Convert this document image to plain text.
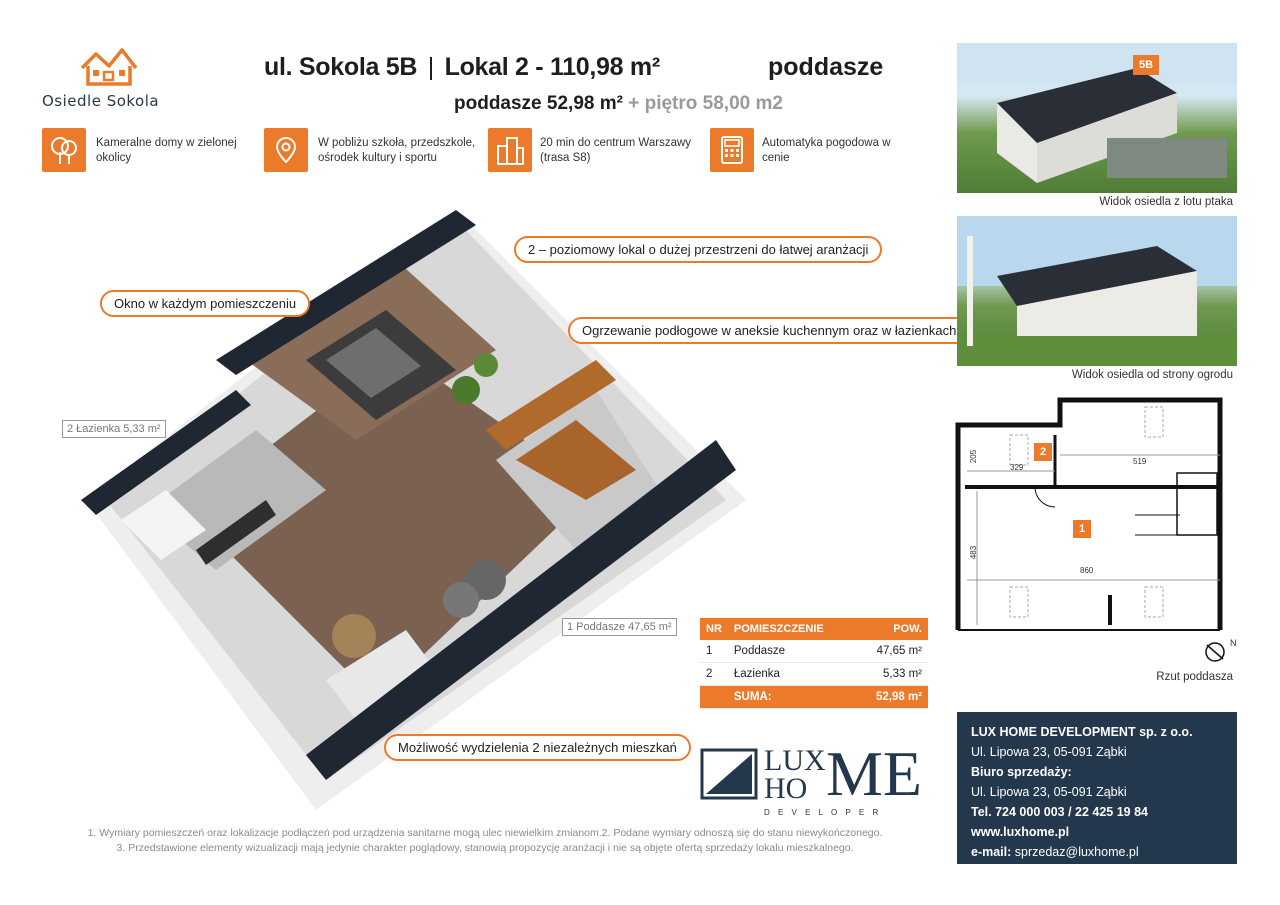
Osiedle Sokola
ul. Sokola 5B | Lokal 2 - 110,98 m²	poddasze
poddasze 52,98 m² + piętro 58,00 m2
Kameralne domy w zielonej okolicy
W pobliżu szkoła, przedszkole, ośrodek kultury i sportu
20 min do centrum Warszawy (trasa S8)
Automatyka pogodowa w cenie
2 – poziomowy lokal o dużej przestrzeni do łatwej aranżacji
Okno w każdym pomieszczeniu
Ogrzewanie podłogowe w aneksie kuchennym oraz w łazienkach
Możliwość wydzielenia 2 niezależnych mieszkań
2 Łazienka 5,33 m²
1 Poddasze 47,65 m²
5B
Widok osiedla z lotu ptaka
Widok osiedla od strony ogrodu
2
1
205
329
519
483
860
N
Rzut poddasza
NR	POMIESZCZENIE	POW.
1	Poddasze	47,65 m²
2	Łazienka	5,33 m²
	SUMA:	52,98 m²
LUX
HO ME
D E V E L O P E R
LUX HOME DEVELOPMENT sp. z o.o.
Ul. Lipowa 23, 05-091 Ząbki
Biuro sprzedaży:
Ul. Lipowa 23, 05-091 Ząbki
Tel. 724 000 003 / 22 425 19 84
www.luxhome.pl
e-mail: sprzedaz@luxhome.pl
1. Wymiary pomieszczeń oraz lokalizacje podłączeń pod urządzenia sanitarne mogą ulec niewielkim zmianom.2. Podane wymiary odnoszą się do stanu niewykończonego.
3. Przedstawione elementy wizualizacji mają jedynie charakter poglądowy, stanowią propozycję aranżacji i nie są objęte ofertą sprzedaży lokalu mieszkalnego.
